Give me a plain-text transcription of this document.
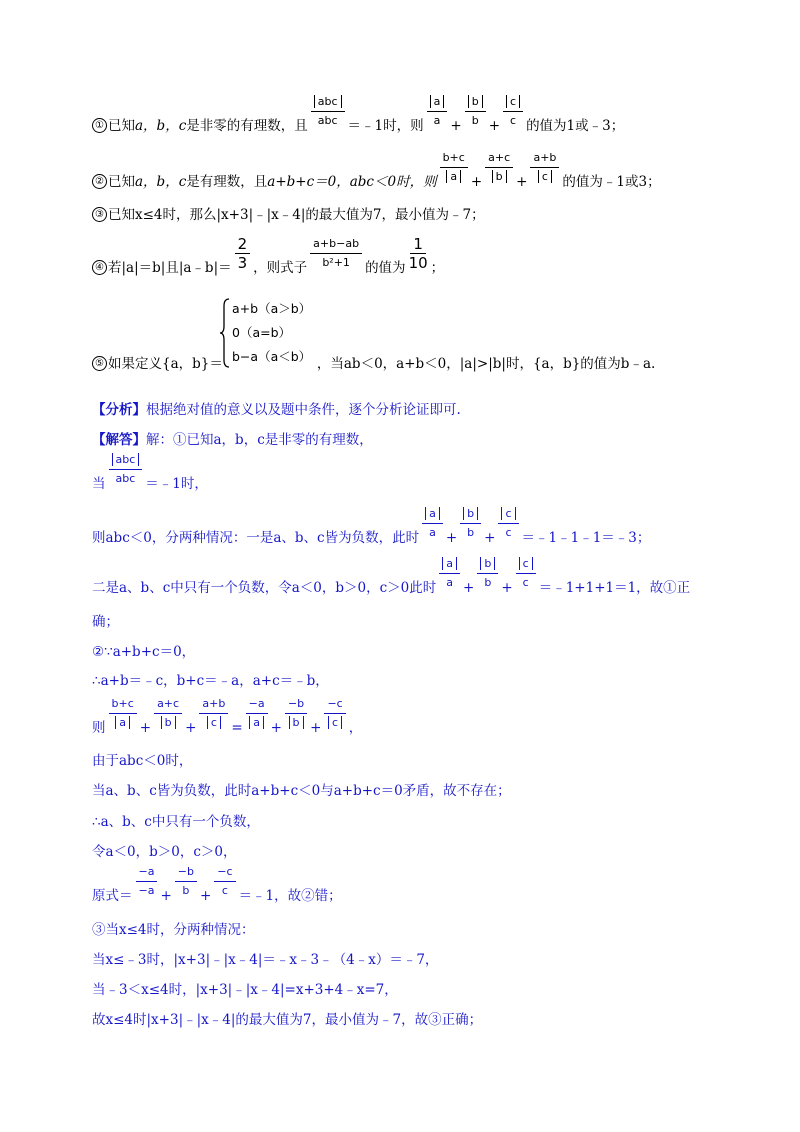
① 已知 a，b，c 是非零的有理数，且 $\frac{\text{abc}}{\text{abc}}$ ＝﹣1时，则 $\frac{a}{a} + \frac{b}{b} + \frac{c}{c}$ 的值为1或﹣3；
② 已知 a，b，c 是有理数，且 a+b+c＝0，abc＜0时，则 $\frac{b+c}{a} + \frac{a+c}{b} + \frac{a+b}{c}$ 的值为﹣1或3；
③ 已知x≤4时，那么|x+3|﹣|x﹣4|的最大值为7，最小值为﹣7；
④ 若|a|＝b|且|a﹣b|＝ $\frac{2}{3}$ ，则式子 $\frac{a+b-ab}{\text{b²+1}}$ 的值为 $\frac{1}{10}$ ；
a+b（a＞b）
0（a=b）
b−a（a＜b）
⑤ 如果定义{a，b}＝	，当ab＜0，a+b＜0，|a|>|b|时，{a，b}的值为b﹣a.
【分析】 根据绝对值的意义以及题中条件，逐个分析论证即可.
【解答】 解：①已知a，b，c是非零的有理数，
当 $\frac{\text{abc}}{\text{abc}}$ ＝﹣1时，
则abc＜0，分两种情况：一是a、b、c皆为负数，此时 $\frac{a}{a} + \frac{b}{b} + \frac{c}{c}$ ＝﹣1﹣1﹣1＝﹣3；
二是a、b、c中只有一个负数，令a＜0，b＞0，c＞0此时 $\frac{a}{a} + \frac{b}{b} + \frac{c}{c}$ ＝﹣1+1+1＝1，故①正
确；
②∵a+b+c＝0，
∴a+b＝﹣c，b+c＝﹣a，a+c＝﹣b，
则 $\frac{b+c}{a} + \frac{a+c}{b} + \frac{a+b}{c} = \frac{-a}{a} + \frac{-b}{b} + \frac{-c}{c}$ ，
由于abc＜0时，
当a、b、c皆为负数，此时a+b+c＜0与a+b+c＝0矛盾，故不存在；
∴a、b、c中只有一个负数，
令a＜0，b＞0，c＞0，
原式＝ $\frac{-a}{-a} + \frac{-b}{b} + \frac{-c}{c}$ ＝﹣1，故②错；
③当x≤4时，分两种情况：
当x≤﹣3时，|x+3|﹣|x﹣4|＝﹣x﹣3﹣（4﹣x）＝﹣7，
当﹣3＜x≤4时，|x+3|﹣|x﹣4|=x+3+4﹣x=7，
故x≤4时|x+3|﹣|x﹣4|的最大值为7，最小值为﹣7，故③正确；
